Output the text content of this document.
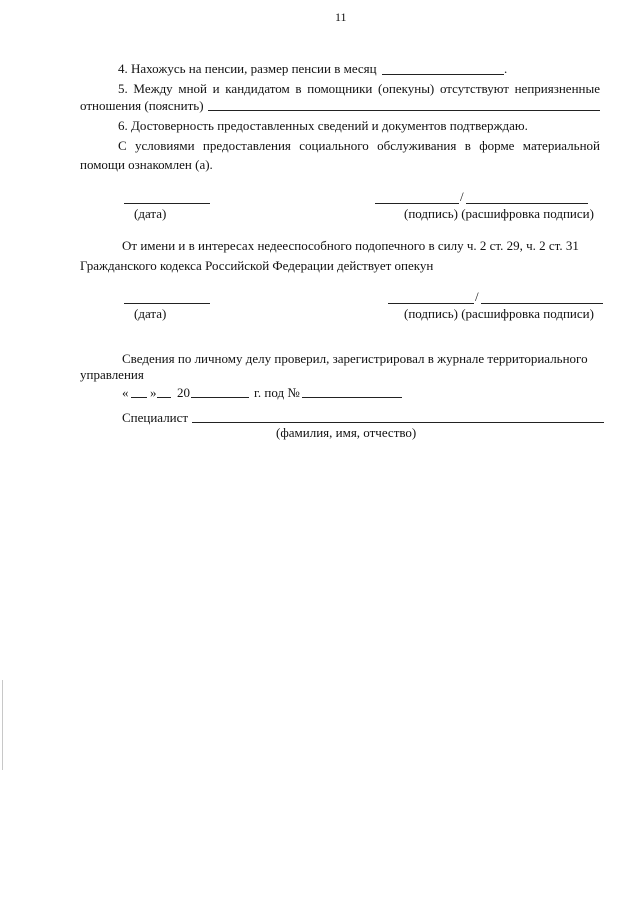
11
4. Нахожусь на пенсии, размер пенсии в месяц	.
5. Между мной и кандидатом в помощники (опекуны) отсутствуют неприязненные
отношения (пояснить)
6. Достоверность предоставленных сведений и документов подтверждаю.
С условиями предоставления социального обслуживания в форме материальной
помощи ознакомлен (а).
(дата)
/
(подпись) (расшифровка подписи)
От имени и в интересах недееспособного подопечного в силу ч. 2 ст. 29, ч. 2 ст. 31
Гражданского кодекса Российской Федерации действует опекун
(дата)
/
(подпись) (расшифровка подписи)
Сведения по личному делу проверил, зарегистрировал в журнале территориального
управления
« » 20	г. под №
Специалист
(фамилия, имя, отчество)
